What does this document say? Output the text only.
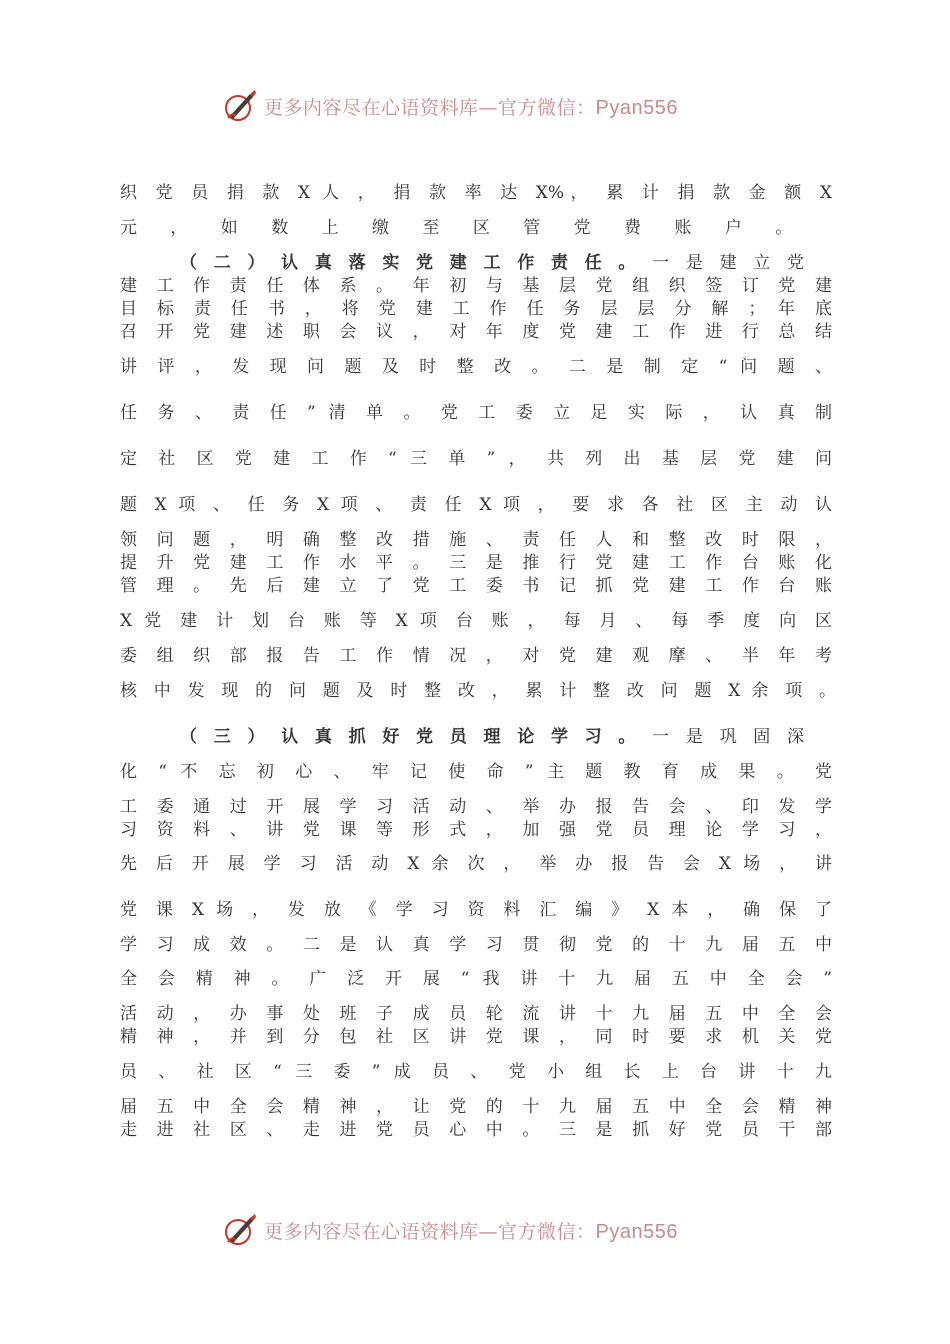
更多内容尽在心语资料库—官方微信：Pyan556
织 党 员 捐 款 X 人 ， 捐 款 率 达 X%， 累 计 捐 款 金 额 X
元 ， 如 数 上 缴 至 区 管 党 费 账 户 。
（二）认真落实党建工作责任。一是建立党
建 工 作 责 任 体 系 。 年 初 与 基 层 党 组 织 签 订 党 建
目 标 责 任 书 ， 将 党 建 工 作 任 务 层 层 分 解 ； 年 底
召 开 党 建 述 职 会 议 ， 对 年 度 党 建 工 作 进 行 总 结
讲 评 ， 发 现 问 题 及 时 整 改 。 二 是 制 定 “ 问 题 、
任 务 、 责 任 ” 清 单 。 党 工 委 立 足 实 际 ， 认 真 制
定 社 区 党 建 工 作 “ 三 单 ” ， 共 列 出 基 层 党 建 问
题 X 项 、 任 务 X 项 、 责 任 X 项 ， 要 求 各 社 区 主 动 认
领 问 题 ， 明 确 整 改 措 施 、 责 任 人 和 整 改 时 限 ，
提 升 党 建 工 作 水 平 。 三 是 推 行 党 建 工 作 台 账 化
管 理 。 先 后 建 立 了 党 工 委 书 记 抓 党 建 工 作 台 账
X 党 建 计 划 台 账 等 X 项 台 账 ， 每 月 、 每 季 度 向 区
委 组 织 部 报 告 工 作 情 况 ， 对 党 建 观 摩 、 半 年 考
核 中 发 现 的 问 题 及 时 整 改 ， 累 计 整 改 问 题 X 余 项 。
（三）认真抓好党员理论学习。一是巩固深
化 “ 不 忘 初 心 、 牢 记 使 命 ” 主 题 教 育 成 果 。 党
工 委 通 过 开 展 学 习 活 动 、 举 办 报 告 会 、 印 发 学
习 资 料 、 讲 党 课 等 形 式 ， 加 强 党 员 理 论 学 习 ，
先 后 开 展 学 习 活 动 X 余 次 ， 举 办 报 告 会 X 场 ， 讲
党 课 X 场 ， 发 放 《 学 习 资 料 汇 编 》 X 本 ， 确 保 了
学 习 成 效 。 二 是 认 真 学 习 贯 彻 党 的 十 九 届 五 中
全 会 精 神 。 广 泛 开 展 “ 我 讲 十 九 届 五 中 全 会 ”
活 动 ， 办 事 处 班 子 成 员 轮 流 讲 十 九 届 五 中 全 会
精 神 ， 并 到 分 包 社 区 讲 党 课 ， 同 时 要 求 机 关 党
员 、 社 区 “ 三 委 ” 成 员 、 党 小 组 长 上 台 讲 十 九
届 五 中 全 会 精 神 ， 让 党 的 十 九 届 五 中 全 会 精 神
走 进 社 区 、 走 进 党 员 心 中 。 三 是 抓 好 党 员 干 部
更多内容尽在心语资料库—官方微信：Pyan556
